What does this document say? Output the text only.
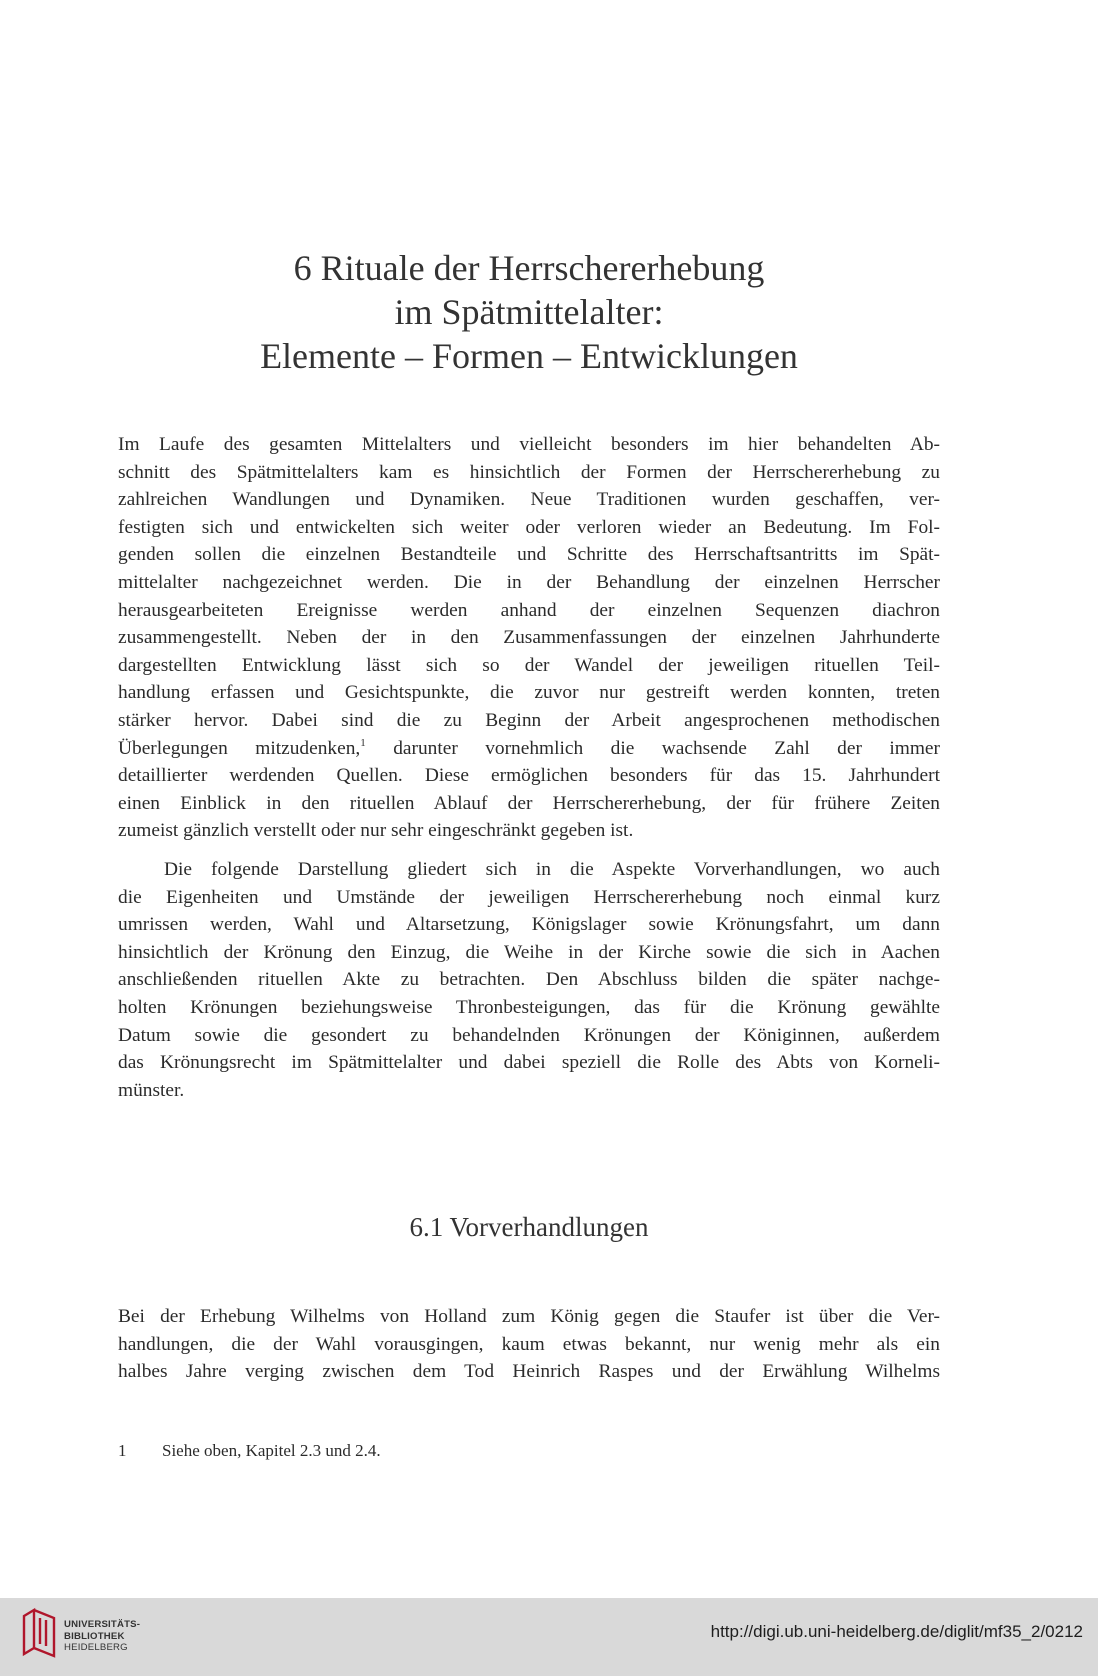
6 Rituale der Herrschererhebung
im Spätmittelalter:
Elemente – Formen – Entwicklungen
Im Laufe des gesamten Mittelalters und vielleicht besonders im hier behandelten Ab-
schnitt des Spätmittelalters kam es hinsichtlich der Formen der Herrschererhebung zu
zahlreichen Wandlungen und Dynamiken. Neue Traditionen wurden geschaffen, ver-
festigten sich und entwickelten sich weiter oder verloren wieder an Bedeutung. Im Fol-
genden sollen die einzelnen Bestandteile und Schritte des Herrschaftsantritts im Spät-
mittelalter nachgezeichnet werden. Die in der Behandlung der einzelnen Herrscher
herausgearbeiteten Ereignisse werden anhand der einzelnen Sequenzen diachron
zusammengestellt. Neben der in den Zusammenfassungen der einzelnen Jahrhunderte
dargestellten Entwicklung lässt sich so der Wandel der jeweiligen rituellen Teil-
handlung erfassen und Gesichtspunkte, die zuvor nur gestreift werden konnten, treten
stärker hervor. Dabei sind die zu Beginn der Arbeit angesprochenen methodischen
Überlegungen mitzudenken,$^1$ darunter vornehmlich die wachsende Zahl der immer
detaillierter werdenden Quellen. Diese ermöglichen besonders für das 15. Jahrhundert
einen Einblick in den rituellen Ablauf der Herrschererhebung, der für frühere Zeiten
zumeist gänzlich verstellt oder nur sehr eingeschränkt gegeben ist.
Die folgende Darstellung gliedert sich in die Aspekte Vorverhandlungen, wo auch
die Eigenheiten und Umstände der jeweiligen Herrschererhebung noch einmal kurz
umrissen werden, Wahl und Altarsetzung, Königslager sowie Krönungsfahrt, um dann
hinsichtlich der Krönung den Einzug, die Weihe in der Kirche sowie die sich in Aachen
anschließenden rituellen Akte zu betrachten. Den Abschluss bilden die später nachge-
holten Krönungen beziehungsweise Thronbesteigungen, das für die Krönung gewählte
Datum sowie die gesondert zu behandelnden Krönungen der Königinnen, außerdem
das Krönungsrecht im Spätmittelalter und dabei speziell die Rolle des Abts von Korneli-
münster.
6.1 Vorverhandlungen
Bei der Erhebung Wilhelms von Holland zum König gegen die Staufer ist über die Ver-
handlungen, die der Wahl vorausgingen, kaum etwas bekannt, nur wenig mehr als ein
halbes Jahre verging zwischen dem Tod Heinrich Raspes und der Erwählung Wilhelms
1 Siehe oben, Kapitel 2.3 und 2.4.
UNIVERSITÄTS-
BIBLIOTHEK
HEIDELBERG
http://digi.ub.uni-heidelberg.de/diglit/mf35_2/0212
